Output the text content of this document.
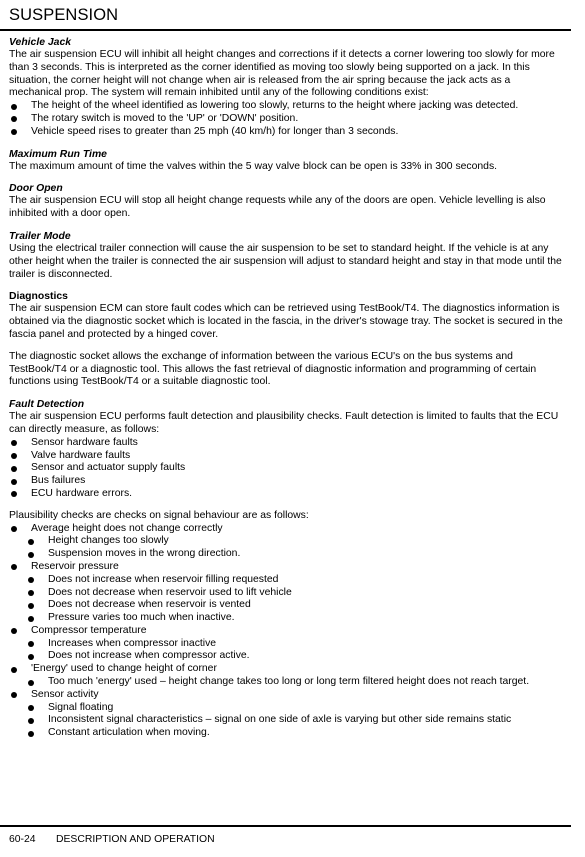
SUSPENSION
Vehicle Jack

The air suspension ECU will inhibit all height changes and corrections if it detects a corner lowering too slowly for more than 3 seconds. This is interpreted as the corner identified as moving too slowly being supported on a jack. In this situation, the corner height will not change when air is released from the air spring because the jack acts as a mechanical prop. The system will remain inhibited until any of the following conditions exist:

The height of the wheel identified as lowering too slowly, returns to the height where jacking was detected.
The rotary switch is moved to the 'UP' or 'DOWN' position.
Vehicle speed rises to greater than 25 mph (40 km/h) for longer than 3 seconds.
Maximum Run Time

The maximum amount of time the valves within the 5 way valve block can be open is 33% in 300 seconds.

Door Open

The air suspension ECU will stop all height change requests while any of the doors are open. Vehicle levelling is also inhibited with a door open.

Trailer Mode

Using the electrical trailer connection will cause the air suspension to be set to standard height. If the vehicle is at any other height when the trailer is connected the air suspension will adjust to standard height and stay in that mode until the trailer is disconnected.

Diagnostics

The air suspension ECM can store fault codes which can be retrieved using TestBook/T4. The diagnostics information is obtained via the diagnostic socket which is located in the fascia, in the driver's stowage tray. The socket is secured in the fascia panel and protected by a hinged cover.

The diagnostic socket allows the exchange of information between the various ECU's on the bus systems and TestBook/T4 or a diagnostic tool. This allows the fast retrieval of diagnostic information and programming of certain functions using TestBook/T4 or a suitable diagnostic tool.

Fault Detection

The air suspension ECU performs fault detection and plausibility checks. Fault detection is limited to faults that the ECU can directly measure, as follows:

Sensor hardware faults
Valve hardware faults
Sensor and actuator supply faults
Bus failures
ECU hardware errors.

Plausibility checks are checks on signal behaviour are as follows:

Average height does not change correctly
Height changes too slowly
Suspension moves in the wrong direction.
Reservoir pressure
Does not increase when reservoir filling requested
Does not decrease when reservoir used to lift vehicle
Does not decrease when reservoir is vented
Pressure varies too much when inactive.
Compressor temperature
Increases when compressor inactive
Does not increase when compressor active.
'Energy' used to change height of corner
Too much 'energy' used – height change takes too long or long term filtered height does not reach target.
Sensor activity
Signal floating
Inconsistent signal characteristics – signal on one side of axle is varying but other side remains static
Constant articulation when moving.
60-24 DESCRIPTION AND OPERATION
